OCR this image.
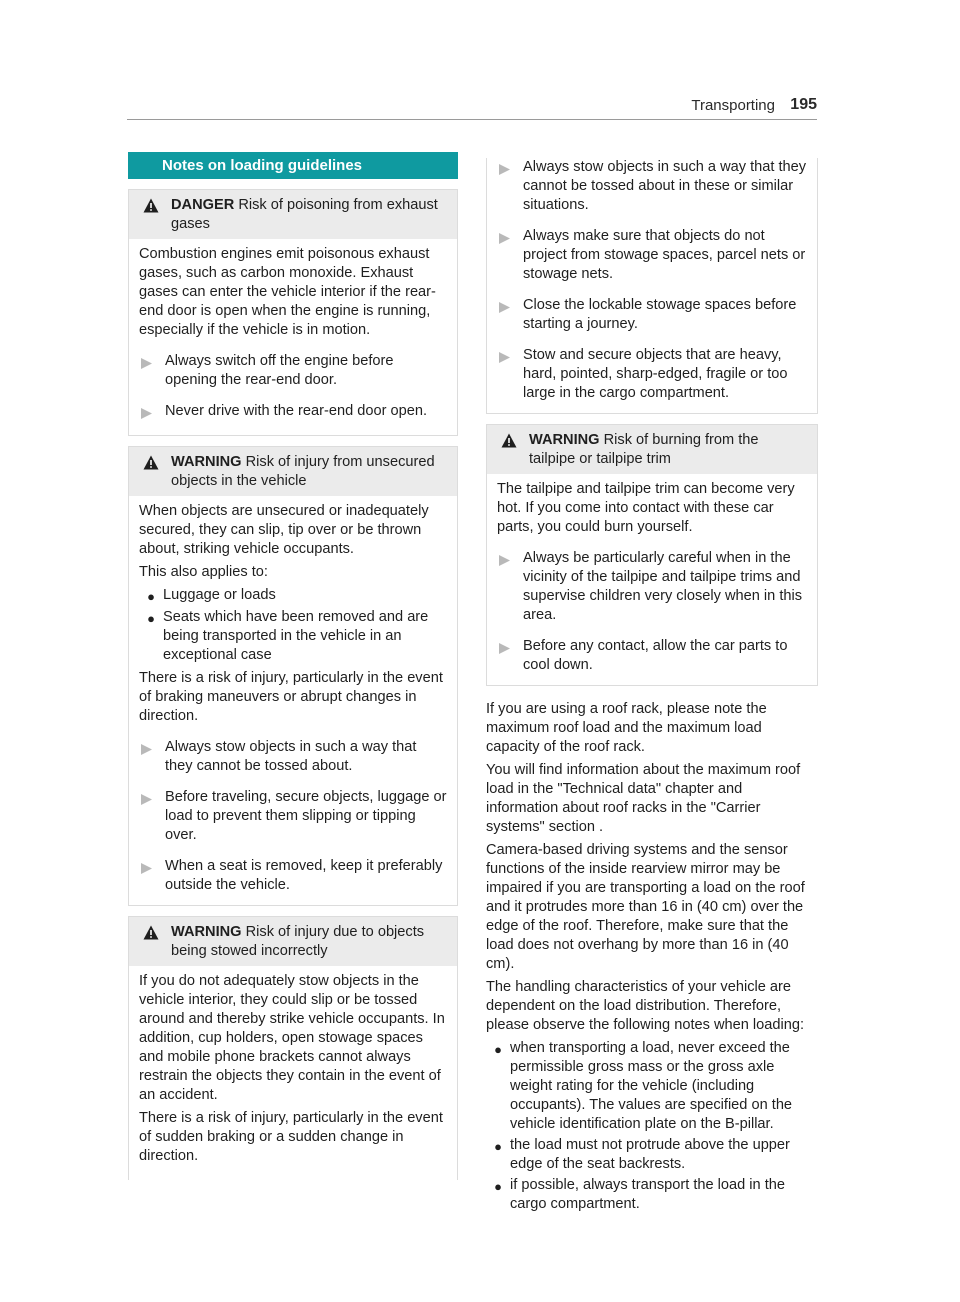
Transporting 195
Notes on loading guidelines
DANGER Risk of poisoning from exhaust gases
Combustion engines emit poisonous exhaust gases, such as carbon monoxide. Exhaust gases can enter the vehicle interior if the rear-end door is open when the engine is running, especially if the vehicle is in motion.
Always switch off the engine before opening the rear-end door.
Never drive with the rear-end door open.
WARNING Risk of injury from unsecured objects in the vehicle
When objects are unsecured or inadequately secured, they can slip, tip over or be thrown about, striking vehicle occupants.
This also applies to:
● Luggage or loads
● Seats which have been removed and are being transported in the vehicle in an exceptional case
There is a risk of injury, particularly in the event of braking maneuvers or abrupt changes in direction.
Always stow objects in such a way that they cannot be tossed about.
Before traveling, secure objects, luggage or load to prevent them slipping or tipping over.
When a seat is removed, keep it preferably outside the vehicle.
WARNING Risk of injury due to objects being stowed incorrectly
If you do not adequately stow objects in the vehicle interior, they could slip or be tossed around and thereby strike vehicle occupants. In addition, cup holders, open stowage spaces and mobile phone brackets cannot always restrain the objects they contain in the event of an accident.
There is a risk of injury, particularly in the event of sudden braking or a sudden change in direction.
Always stow objects in such a way that they cannot be tossed about in these or similar situations.
Always make sure that objects do not project from stowage spaces, parcel nets or stowage nets.
Close the lockable stowage spaces before starting a journey.
Stow and secure objects that are heavy, hard, pointed, sharp-edged, fragile or too large in the cargo compartment.
WARNING Risk of burning from the tailpipe or tailpipe trim
The tailpipe and tailpipe trim can become very hot. If you come into contact with these car parts, you could burn yourself.
Always be particularly careful when in the vicinity of the tailpipe and tailpipe trims and supervise children very closely when in this area.
Before any contact, allow the car parts to cool down.
If you are using a roof rack, please note the maximum roof load and the maximum load capacity of the roof rack.
You will find information about the maximum roof load in the "Technical data" chapter and information about roof racks in the "Carrier systems" section .
Camera-based driving systems and the sensor functions of the inside rearview mirror may be impaired if you are transporting a load on the roof and it protrudes more than 16 in (40 cm) over the edge of the roof. Therefore, make sure that the load does not overhang by more than 16 in (40 cm).
The handling characteristics of your vehicle are dependent on the load distribution. Therefore, please observe the following notes when loading:
● when transporting a load, never exceed the permissible gross mass or the gross axle weight rating for the vehicle (including occupants). The values are specified on the vehicle identification plate on the B-pillar.
● the load must not protrude above the upper edge of the seat backrests.
● if possible, always transport the load in the cargo compartment.
